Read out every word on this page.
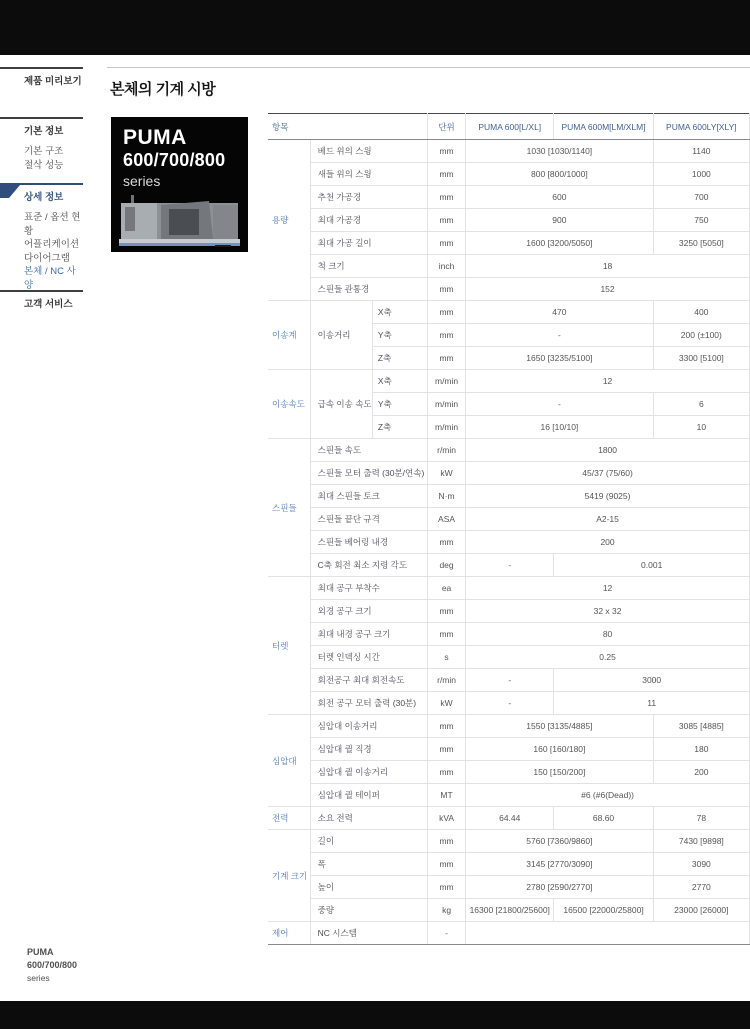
제품 미리보기
기본 정보
기본 구조
절삭 성능
상세 정보
표준 / 옵션 현황
어플리케이션
다이어그램
본체 / NC 사양
고객 서비스
본체의 기계 시방
PUMA
600/700/800
series
항목			단위	PUMA 600[L/XL]	PUMA 600M[LM/XLM]	PUMA 600LY[XLY]
용량	베드 위의 스윙		mm	1030 [1030/1140]		1140
	새들 위의 스윙		mm	800 [800/1000]		1000
	추천 가공경		mm	600		700
	최대 가공경		mm	900		750
	최대 가공 길이		mm	1600 [3200/5050]		3250 [5050]
	척 크기		inch	18		
	스핀들 관통경		mm	152		
이송계	이송거리	X축	mm	470		400
		Y축	mm	-		200 (±100)
		Z축	mm	1650 [3235/5100]		3300 [5100]
이송속도	급속 이송 속도	X축	m/min	12		
		Y축	m/min	-		6
		Z축	m/min	16 [10/10]		10
스핀들	스핀들 속도		r/min	1800		
	스핀들 모터 출력 (30분/연속)		kW	45/37 (75/60)		
	최대 스핀들 토크		N·m	5419 (9025)		
	스핀들 끝단 규격		ASA	A2-15		
	스핀들 베어링 내경		mm	200		
	C축 회전 최소 지령 각도		deg	-	0.001	
터렛	최대 공구 부착수		ea	12		
	외경 공구 크기		mm	32 x 32		
	최대 내경 공구 크기		mm	80		
	터렛 인덱싱 시간		s	0.25		
	회전공구 최대 회전속도		r/min	-	3000	
	회전 공구 모터 출력 (30분)		kW	-	11	
심압대	심압대 이송거리		mm	1550 [3135/4885]		3085 [4885]
	심압대 퀼 직경		mm	160 [160/180]		180
	심압대 퀼 이송거리		mm	150 [150/200]		200
	심압대 퀼 테이퍼		MT	#6 (#6(Dead))		
전력	소요 전력		kVA	64.44	68.60	78
기계 크기	길이		mm	5760 [7360/9860]		7430 [9898]
	폭		mm	3145 [2770/3090]		3090
	높이		mm	2780 [2590/2770]		2770
	중량		kg	16300 [21800/25600]	16500 [22000/25800]	23000 [26000]
제어	NC 시스템		-			
PUMA
600/700/800
series
